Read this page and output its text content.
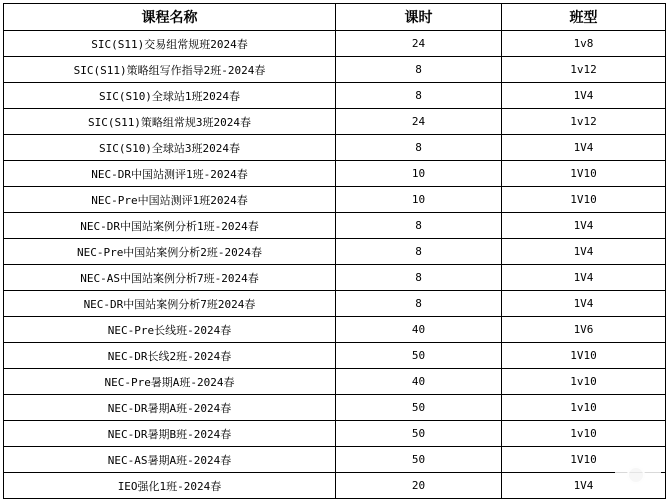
课程名称	课时	班型
SIC(S11)交易组常规班2024春	24	1v8
SIC(S11)策略组写作指导2班-2024春	8	1v12
SIC(S10)全球站1班2024春	8	1V4
SIC(S11)策略组常规3班2024春	24	1v12
SIC(S10)全球站3班2024春	8	1V4
NEC-DR中国站测评1班-2024春	10	1V10
NEC-Pre中国站测评1班2024春	10	1V10
NEC-DR中国站案例分析1班-2024春	8	1V4
NEC-Pre中国站案例分析2班-2024春	8	1V4
NEC-AS中国站案例分析7班-2024春	8	1V4
NEC-DR中国站案例分析7班2024春	8	1V4
NEC-Pre长线班-2024春	40	1V6
NEC-DR长线2班-2024春	50	1V10
NEC-Pre暑期A班-2024春	40	1v10
NEC-DR暑期A班-2024春	50	1v10
NEC-DR暑期B班-2024春	50	1v10
NEC-AS暑期A班-2024春	50	1V10
IEO强化1班-2024春	20	1V4
